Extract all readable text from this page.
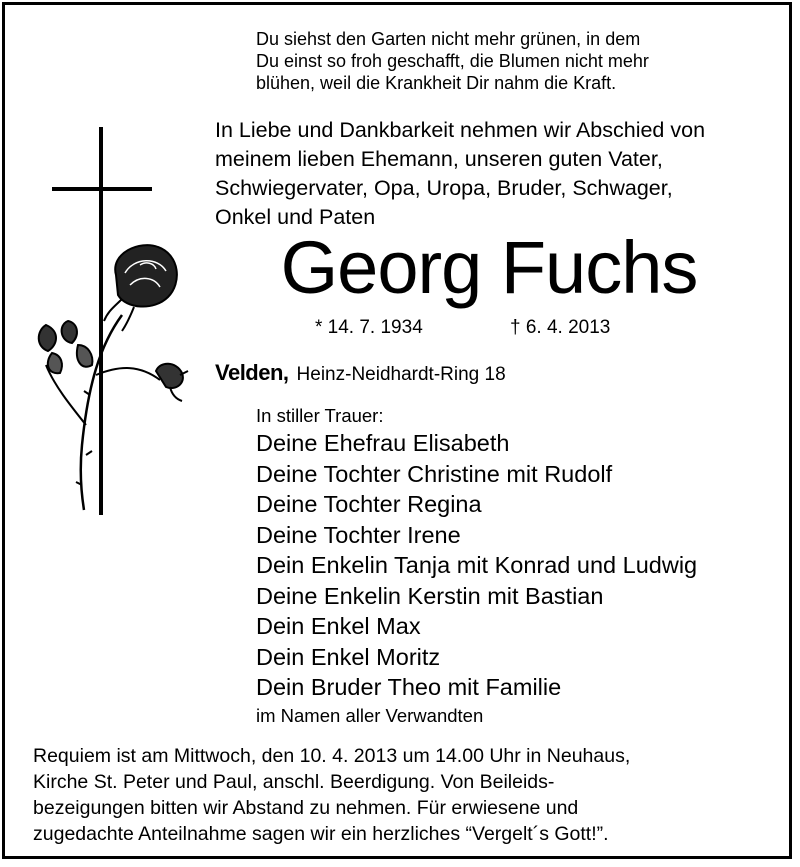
Du siehst den Garten nicht mehr grünen, in dem
Du einst so froh geschafft, die Blumen nicht mehr
blühen, weil die Krankheit Dir nahm die Kraft.
In Liebe und Dankbarkeit nehmen wir Abschied von
meinem lieben Ehemann, unseren guten Vater,
Schwiegervater, Opa, Uropa, Bruder, Schwager,
Onkel und Paten
Georg Fuchs
* 14. 7. 1934	† 6. 4. 2013
Velden, Heinz-Neidhardt-Ring 18
In stiller Trauer:
Deine Ehefrau Elisabeth
Deine Tochter Christine mit Rudolf
Deine Tochter Regina
Deine Tochter Irene
Dein Enkelin Tanja mit Konrad und Ludwig
Deine Enkelin Kerstin mit Bastian
Dein Enkel Max
Dein Enkel Moritz
Dein Bruder Theo mit Familie
im Namen aller Verwandten
Requiem ist am Mittwoch, den 10. 4. 2013 um 14.00 Uhr in Neuhaus,
Kirche St. Peter und Paul, anschl. Beerdigung. Von Beileids-
bezeigungen bitten wir Abstand zu nehmen. Für erwiesene und
zugedachte Anteilnahme sagen wir ein herzliches “Vergelt´s Gott!”.
